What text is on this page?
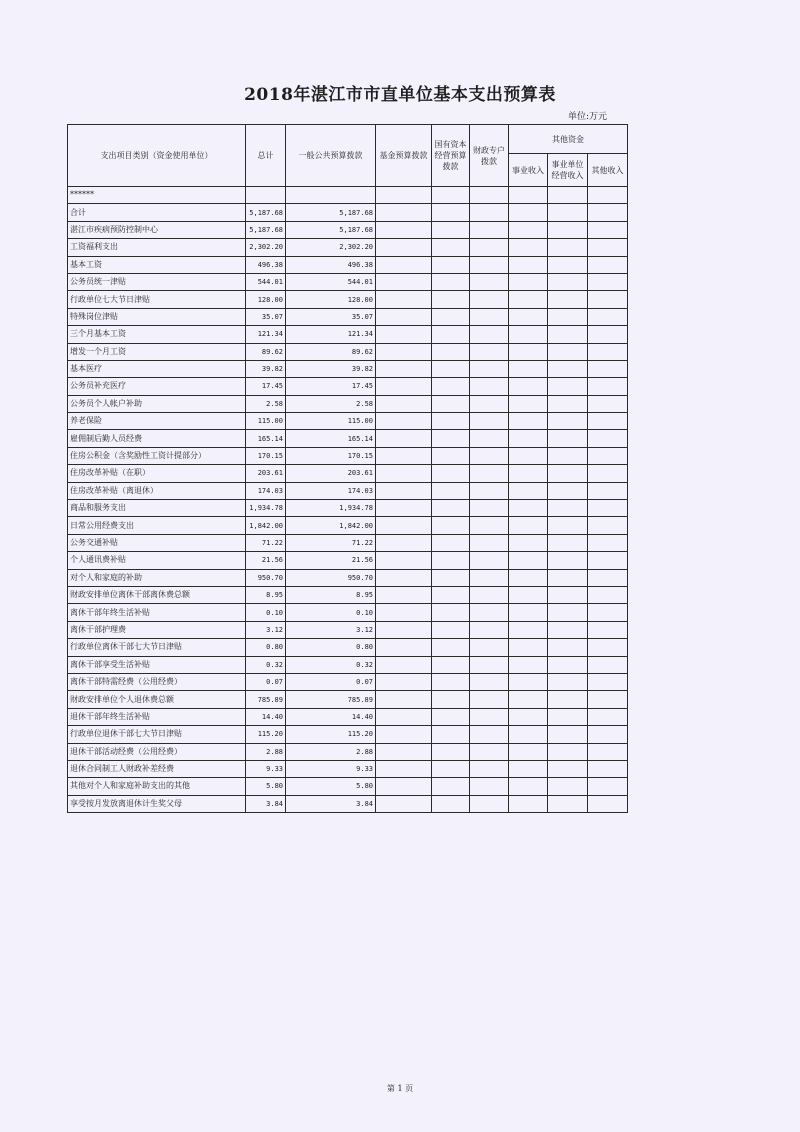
2018年湛江市市直单位基本支出预算表
单位:万元
支出项目类别（资金使用单位）	总计	一般公共预算拨款	基金预算拨款	国有资本经营预算拨款	财政专户拨款	其他资金		
						事业收入	事业单位经营收入	其他收入
******								
合计	5,187.68	5,187.68						
湛江市疾病预防控制中心	5,187.68	5,187.68						
工资福利支出	2,302.20	2,302.20						
基本工资	496.38	496.38						
公务员统一津贴	544.01	544.01						
行政单位七大节日津贴	128.00	128.00						
特殊岗位津贴	35.07	35.07						
三个月基本工资	121.34	121.34						
增发一个月工资	89.62	89.62						
基本医疗	39.82	39.82						
公务员补充医疗	17.45	17.45						
公务员个人帐户补助	2.58	2.58						
养老保险	115.00	115.00						
雇佣制后勤人员经费	165.14	165.14						
住房公积金（含奖励性工资计提部分）	170.15	170.15						
住房改革补贴（在职）	203.61	203.61						
住房改革补贴（离退休）	174.03	174.03						
商品和服务支出	1,934.78	1,934.78						
日常公用经费支出	1,842.00	1,842.00						
公务交通补贴	71.22	71.22						
个人通讯费补贴	21.56	21.56						
对个人和家庭的补助	950.70	950.70						
财政安排单位离休干部离休费总额	8.95	8.95						
离休干部年终生活补贴	0.10	0.10						
离休干部护理费	3.12	3.12						
行政单位离休干部七大节日津贴	0.80	0.80						
离休干部享受生活补贴	0.32	0.32						
离休干部特需经费（公用经费）	0.07	0.07						
财政安排单位个人退休费总额	785.89	785.89						
退休干部年终生活补贴	14.40	14.40						
行政单位退休干部七大节日津贴	115.20	115.20						
退休干部活动经费（公用经费）	2.88	2.88						
退休合同制工人财政补差经费	9.33	9.33						
其他对个人和家庭补助支出的其他	5.80	5.80						
享受按月发放离退休计生奖父母	3.84	3.84						
第 1 页
